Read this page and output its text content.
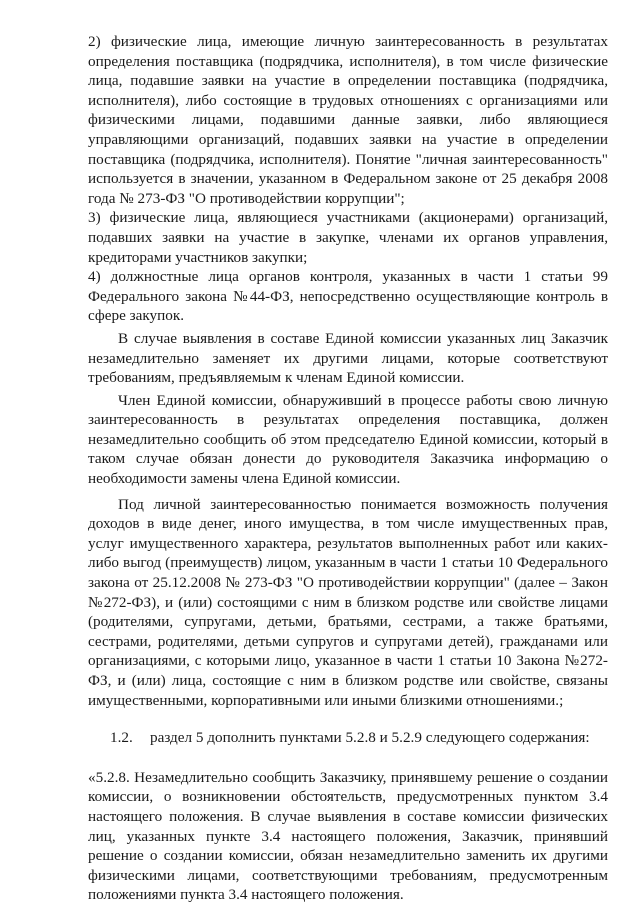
2) физические лица, имеющие личную заинтересованность в результатах определения поставщика (подрядчика, исполнителя), в том числе физические лица, подавшие заявки на участие в определении поставщика (подрядчика, исполнителя), либо состоящие в трудовых отношениях с организациями или физическими лицами, подавшими данные заявки, либо являющиеся управляющими организаций, подавших заявки на участие в определении поставщика (подрядчика, исполнителя). Понятие "личная заинтересованность" используется в значении, указанном в Федеральном законе от 25 декабря 2008 года № 273-ФЗ "О противодействии коррупции";

3) физические лица, являющиеся участниками (акционерами) организаций, подавших заявки на участие в закупке, членами их органов управления, кредиторами участников закупки;

4) должностные лица органов контроля, указанных в части 1 статьи 99 Федерального закона №44-ФЗ, непосредственно осуществляющие контроль в сфере закупок.

В случае выявления в составе Единой комиссии указанных лиц Заказчик незамедлительно заменяет их другими лицами, которые соответствуют требованиям, предъявляемым к членам Единой комиссии.

Член Единой комиссии, обнаруживший в процессе работы свою личную заинтересованность в результатах определения поставщика, должен незамедлительно сообщить об этом председателю Единой комиссии, который в таком случае обязан донести до руководителя Заказчика информацию о необходимости замены члена Единой комиссии.

Под личной заинтересованностью понимается возможность получения доходов в виде денег, иного имущества, в том числе имущественных прав, услуг имущественного характера, результатов выполненных работ или каких-либо выгод (преимуществ) лицом, указанным в части 1 статьи 10 Федерального закона от 25.12.2008 № 273-ФЗ "О противодействии коррупции" (далее – Закон №272-ФЗ), и (или) состоящими с ним в близком родстве или свойстве лицами (родителями, супругами, детьми, братьями, сестрами, а также братьями, сестрами, родителями, детьми супругов и супругами детей), гражданами или организациями, с которыми лицо, указанное в части 1 статьи 10 Закона №272-ФЗ, и (или) лица, состоящие с ним в близком родстве или свойстве, связаны имущественными, корпоративными или иными близкими отношениями.;

1.2. раздел 5 дополнить пунктами 5.2.8 и 5.2.9 следующего содержания:

«5.2.8. Незамедлительно сообщить Заказчику, принявшему решение о создании комиссии, о возникновении обстоятельств, предусмотренных пунктом 3.4 настоящего положения. В случае выявления в составе комиссии физических лиц, указанных пункте 3.4 настоящего положения, Заказчик, принявший решение о создании комиссии, обязан незамедлительно заменить их другими физическими лицами, соответствующими требованиям, предусмотренным положениями пункта 3.4 настоящего положения.
